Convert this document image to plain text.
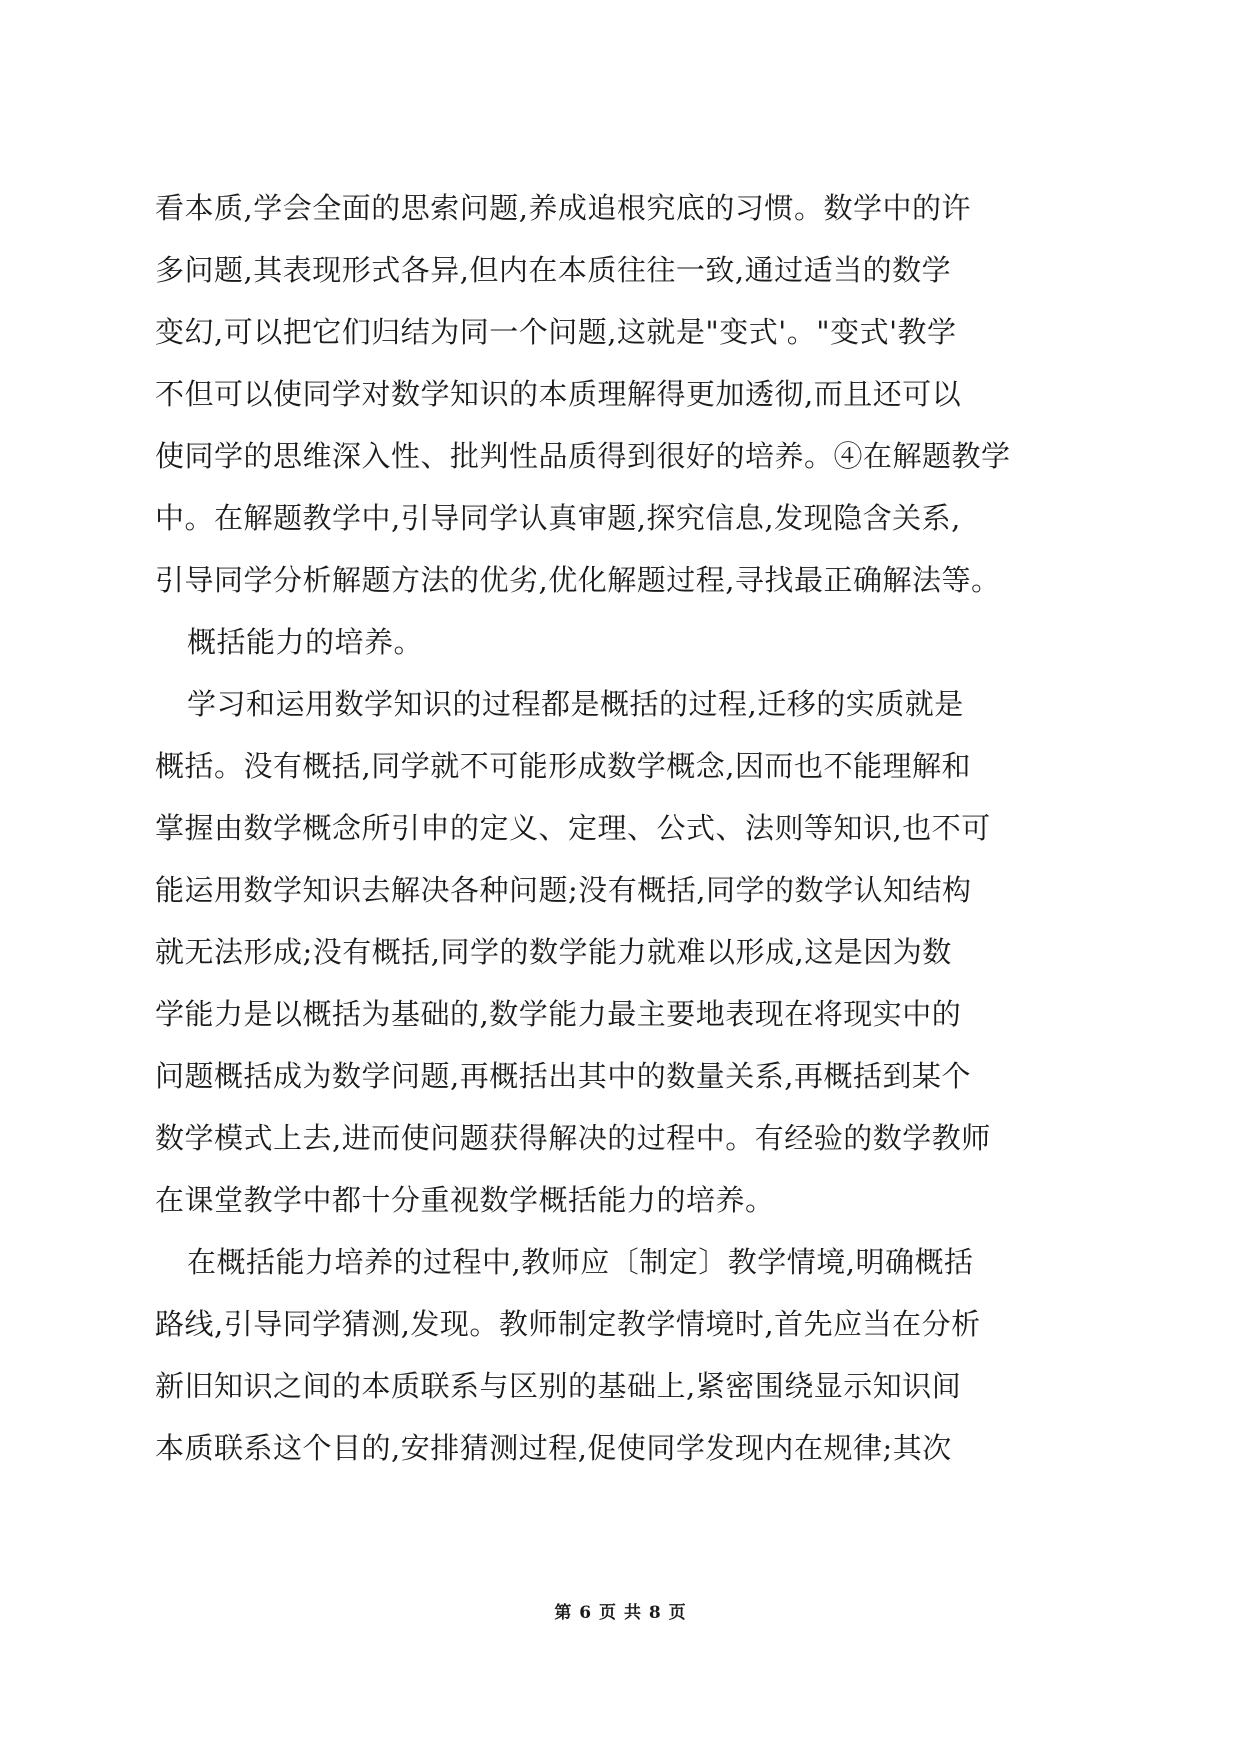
看本质,学会全面的思索问题,养成追根究底的习惯。数学中的许
多问题,其表现形式各异,但内在本质往往一致,通过适当的数学
变幻,可以把它们归结为同一个问题,这就是"变式'。"变式'教学
不但可以使同学对数学知识的本质理解得更加透彻,而且还可以
使同学的思维深入性、批判性品质得到很好的培养。④在解题教学
中。在解题教学中,引导同学认真审题,探究信息,发现隐含关系,
引导同学分析解题方法的优劣,优化解题过程,寻找最正确解法等。
概括能力的培养。
学习和运用数学知识的过程都是概括的过程,迁移的实质就是
概括。没有概括,同学就不可能形成数学概念,因而也不能理解和
掌握由数学概念所引申的定义、定理、公式、法则等知识,也不可
能运用数学知识去解决各种问题;没有概括,同学的数学认知结构
就无法形成;没有概括,同学的数学能力就难以形成,这是因为数
学能力是以概括为基础的,数学能力最主要地表现在将现实中的
问题概括成为数学问题,再概括出其中的数量关系,再概括到某个
数学模式上去,进而使问题获得解决的过程中。有经验的数学教师
在课堂教学中都十分重视数学概括能力的培养。
在概括能力培养的过程中,教师应〔制定〕教学情境,明确概括
路线,引导同学猜测,发现。教师制定教学情境时,首先应当在分析
新旧知识之间的本质联系与区别的基础上,紧密围绕显示知识间
本质联系这个目的,安排猜测过程,促使同学发现内在规律;其次
第 6 页 共 8 页
